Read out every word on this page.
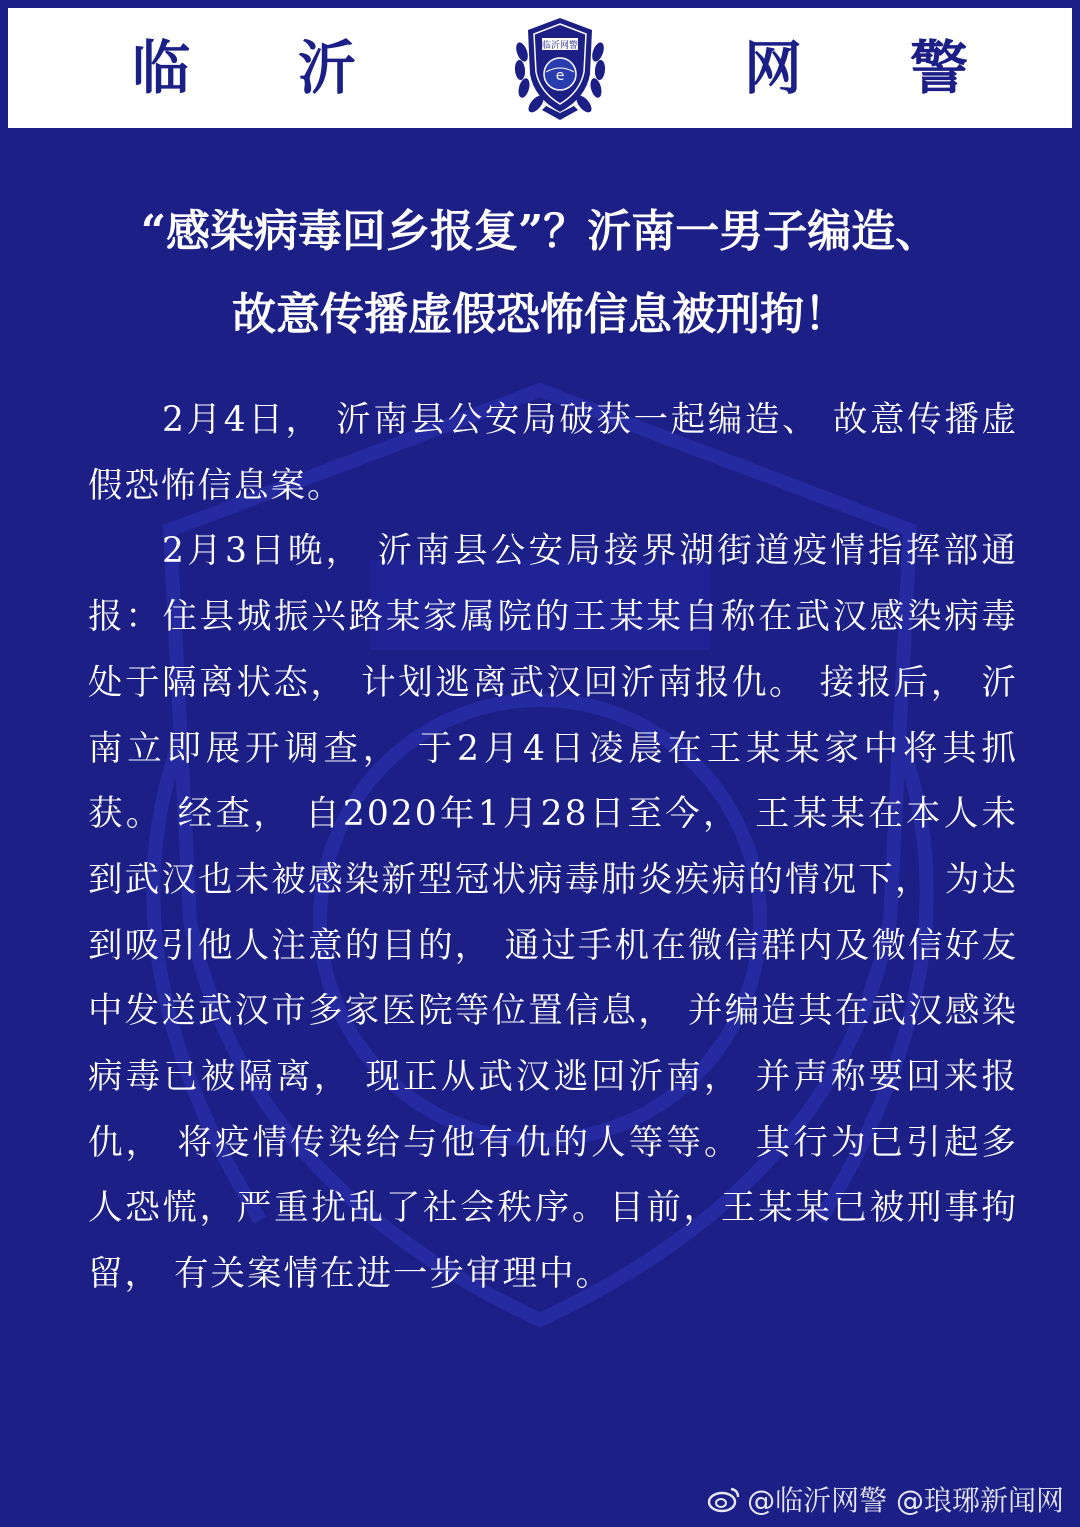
临 沂	临沂网警
e	网 警
“感染病毒回乡报复”？沂南一男子编造、
故意传播虚假恐怖信息被刑拘！

2月4日， 沂南县公安局破获一起编造、 故意传播虚假恐怖信息案。

2月3日晚， 沂南县公安局接界湖街道疫情指挥部通报：住县城振兴路某家属院的王某某自称在武汉感染病毒处于隔离状态， 计划逃离武汉回沂南报仇。 接报后， 沂南立即展开调查， 于2月4日凌晨在王某某家中将其抓获。 经查， 自2020年1月28日至今， 王某某在本人未到武汉也未被感染新型冠状病毒肺炎疾病的情况下， 为达到吸引他人注意的目的， 通过手机在微信群内及微信好友中发送武汉市多家医院等位置信息， 并编造其在武汉感染病毒已被隔离， 现正从武汉逃回沂南， 并声称要回来报仇， 将疫情传染给与他有仇的人等等。 其行为已引起多人恐慌，严重扰乱了社会秩序。目前，王某某已被刑事拘留， 有关案情在进一步审理中。

@临沂网警 @琅琊新闻网
